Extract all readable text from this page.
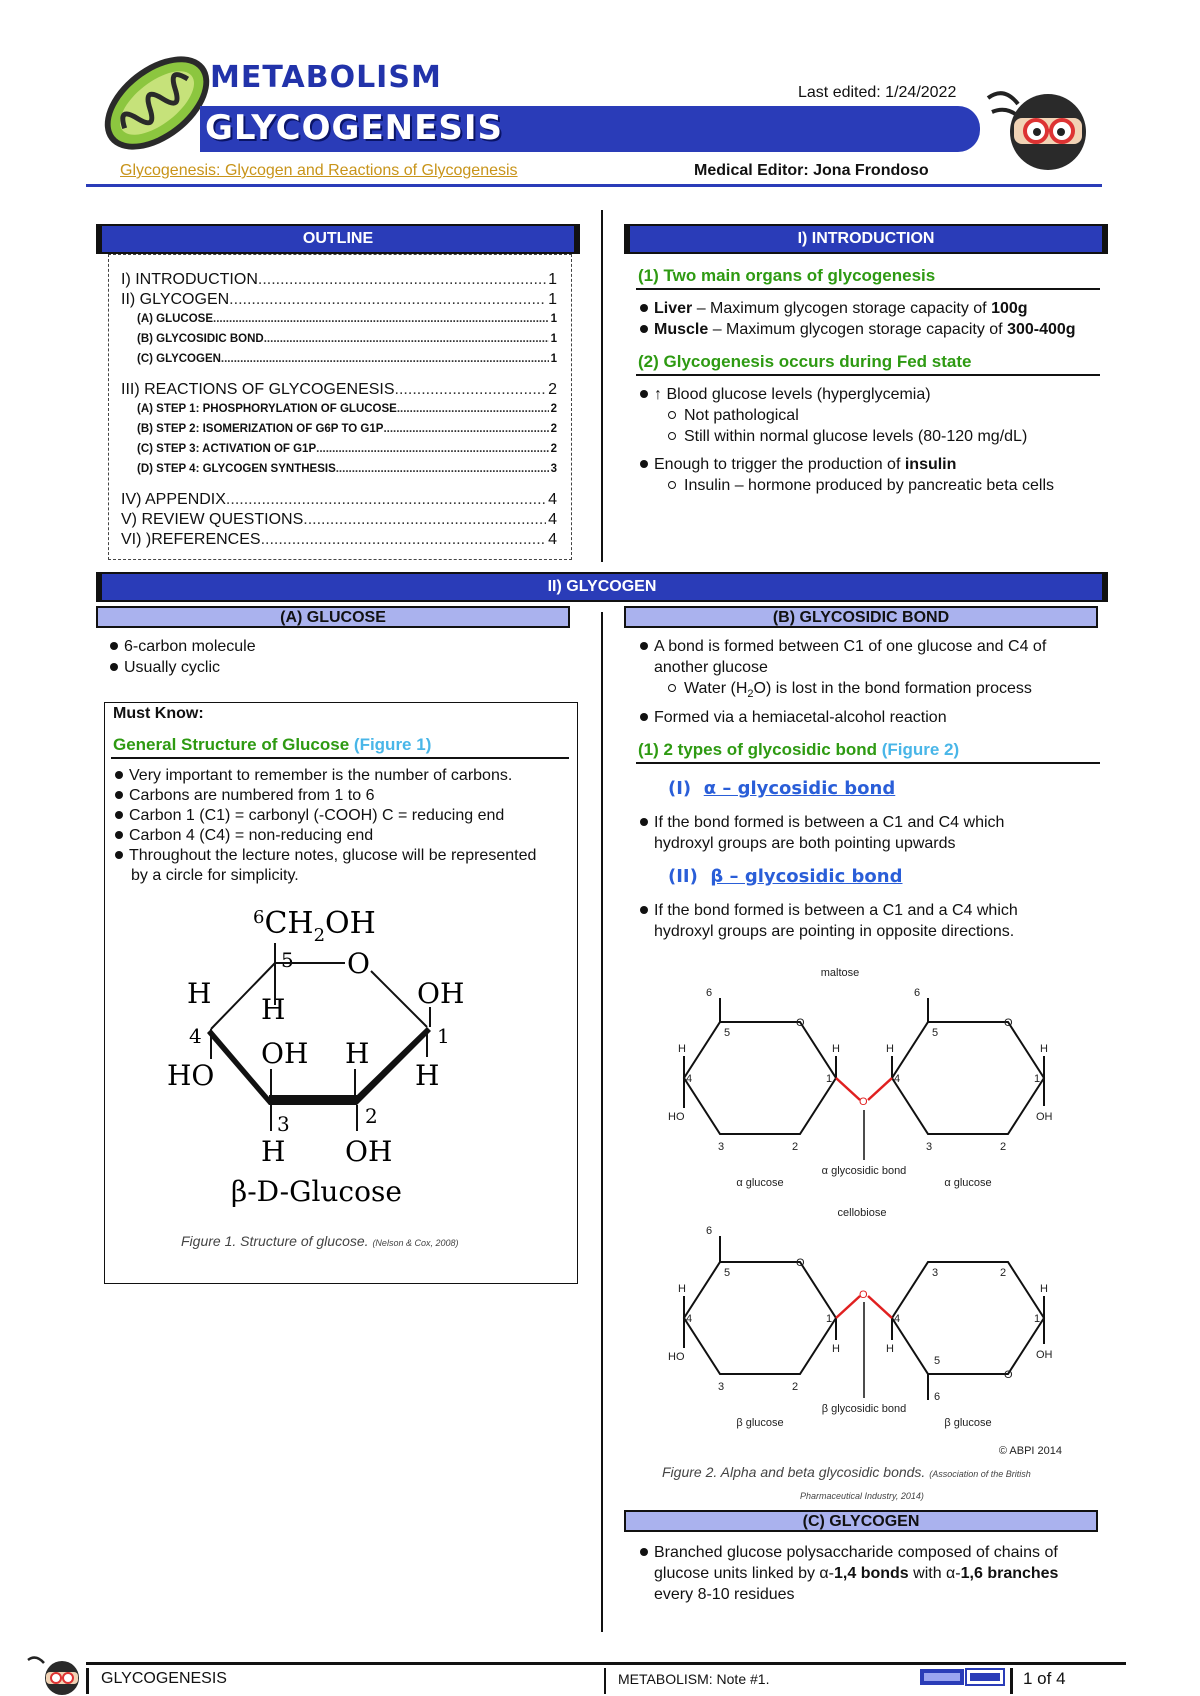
METABOLISM
GLYCOGENESIS
Last edited: 1/24/2022
Glycogenesis: Glycogen and Reactions of Glycogenesis	Medical Editor: Jona Frondoso
OUTLINE
I) INTRODUCTION .....	1
II) GLYCOGEN .....	1
(A) GLUCOSE .....	1
(B) GLYCOSIDIC BOND .....	1
(C) GLYCOGEN .....	1
III) REACTIONS OF GLYCOGENESIS .....	2
(A) STEP 1: PHOSPHORYLATION OF GLUCOSE .....	2
(B) STEP 2: ISOMERIZATION OF G6P TO G1P .....	2
(C) STEP 3: ACTIVATION OF G1P .....	2
(D) STEP 4: GLYCOGEN SYNTHESIS .....	3
IV) APPENDIX .....	4
V) REVIEW QUESTIONS .....	4
VI) )REFERENCES .....	4
I) INTRODUCTION
(1) Two main organs of glycogenesis
Liver – Maximum glycogen storage capacity of 100g
Muscle – Maximum glycogen storage capacity of 300-400g
(2) Glycogenesis occurs during Fed state
↑ Blood glucose levels (hyperglycemia)
Not pathological
Still within normal glucose levels (80-120 mg/dL)
Enough to trigger the production of insulin
Insulin – hormone produced by pancreatic beta cells
II) GLYCOGEN
(A) GLUCOSE
6-carbon molecule
Usually cyclic
Must Know:
General Structure of Glucose (Figure 1)
Very important to remember is the number of carbons.
Carbons are numbered from 1 to 6
Carbon 1 (C1) = carbonyl (-COOH) C = reducing end
Carbon 4 (C4) = non-reducing end
Throughout the lecture notes, glucose will be represented
by a circle for simplicity.
$^6CH_2OH$
5 O
H H
4
OH
1
HO	H
OH H
3
H
2
OH
β-D-Glucose
Figure 1. Structure of glucose. (Nelson & Cox, 2008)
(B) GLYCOSIDIC BOND
A bond is formed between C1 of one glucose and C4 of
another glucose
Water $(H_2O)$ is lost in the bond formation process
Formed via a hemiacetal-alcohol reaction
(1) 2 types of glycosidic bond (Figure 2)
(I) α – glycosidic bond
If the bond formed is between a C1 and C4 which
hydroxyl groups are both pointing upwards
(II) β – glycosidic bond
If the bond formed is between a C1 and a C4 which
hydroxyl groups are pointing in opposite directions.
maltose
6
5
O
3	2
4	1
H
HO
H
6
5
O
3	2
4	1
H	H
OH
O
α glycosidic bond
α glucose	α glucose
cellobiose
6
5
O
3	2
4	1
H
HO
H
3	2
4	1
5
O
H
H
OH
6
O
β glycosidic bond
β glucose	β glucose
© ABPI 2014
Figure 2. Alpha and beta glycosidic bonds. (Association of the British
Pharmaceutical Industry, 2014)
(C) GLYCOGEN
Branched glucose polysaccharide composed of chains of
glucose units linked by α-1,4 bonds with α-1,6 branches
every 8-10 residues
GLYCOGENESIS	METABOLISM: Note #1.	1 of 4
